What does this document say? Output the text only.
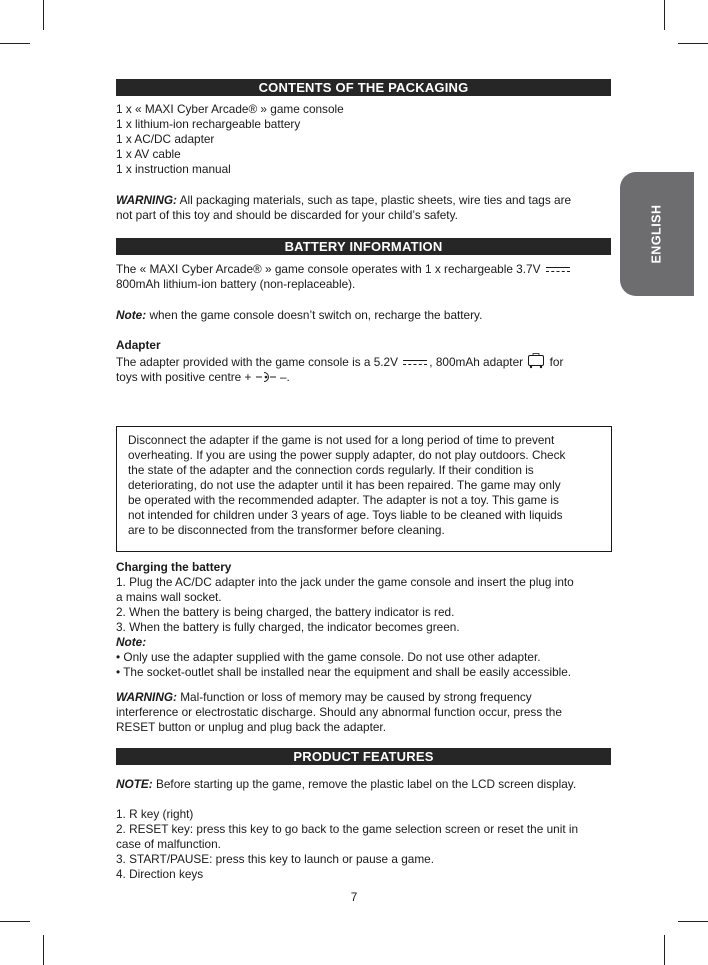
ENGLISH
CONTENTS OF THE PACKAGING
1 x « MAXI Cyber Arcade® » game console
1 x lithium-ion rechargeable battery
1 x AC/DC adapter
1 x AV cable
1 x instruction manual
WARNING: All packaging materials, such as tape, plastic sheets, wire ties and tags are
not part of this toy and should be discarded for your child’s safety.
BATTERY INFORMATION
The « MAXI Cyber Arcade® » game console operates with 1 x rechargeable 3.7V
800mAh lithium-ion battery (non-replaceable).
Note: when the game console doesn’t switch on, recharge the battery.
Adapter
The adapter provided with the game console is a 5.2V	, 800mAh adapter for
toys with positive centre + –.
Disconnect the adapter if the game is not used for a long period of time to prevent
overheating. If you are using the power supply adapter, do not play outdoors. Check
the state of the adapter and the connection cords regularly. If their condition is
deteriorating, do not use the adapter until it has been repaired. The game may only
be operated with the recommended adapter. The adapter is not a toy. This game is
not intended for children under 3 years of age. Toys liable to be cleaned with liquids
are to be disconnected from the transformer before cleaning.
Charging the battery
1. Plug the AC/DC adapter into the jack under the game console and insert the plug into
a mains wall socket.
2. When the battery is being charged, the battery indicator is red.
3. When the battery is fully charged, the indicator becomes green.
Note:
• Only use the adapter supplied with the game console. Do not use other adapter.
• The socket-outlet shall be installed near the equipment and shall be easily accessible.
WARNING: Mal-function or loss of memory may be caused by strong frequency
interference or electrostatic discharge. Should any abnormal function occur, press the
RESET button or unplug and plug back the adapter.
PRODUCT FEATURES
NOTE: Before starting up the game, remove the plastic label on the LCD screen display.
1. R key (right)
2. RESET key: press this key to go back to the game selection screen or reset the unit in
case of malfunction.
3. START/PAUSE: press this key to launch or pause a game.
4. Direction keys
7
